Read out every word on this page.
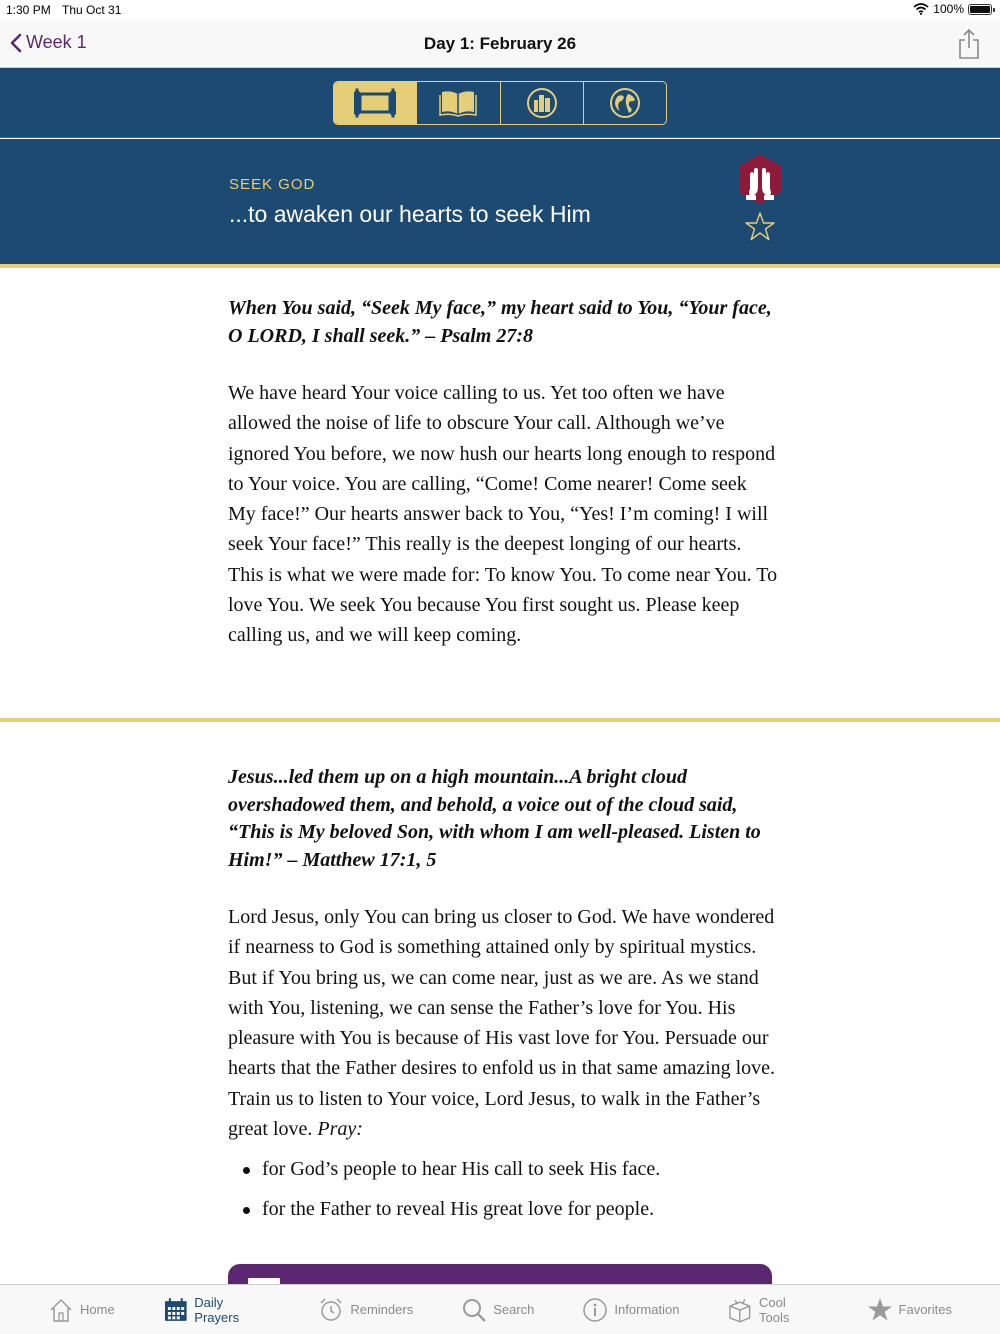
1:30 PM Thu Oct 31	100%
Week 1	Day 1: February 26
SEEK GOD
...to awaken our hearts to seek Him

When You said, “Seek My face,” my heart said to You, “Your face, O LORD, I shall seek.” – Psalm 27:8

We have heard Your voice calling to us. Yet too often we have allowed the noise of life to obscure Your call. Although we’ve ignored You before, we now hush our hearts long enough to respond to Your voice. You are calling, “Come! Come nearer! Come seek My face!” Our hearts answer back to You, “Yes! I’m coming! I will seek Your face!” This really is the deepest longing of our hearts. This is what we were made for: To know You. To come near You. To love You. We seek You because You first sought us. Please keep calling us, and we will keep coming.

Jesus...led them up on a high mountain...A bright cloud overshadowed them, and behold, a voice out of the cloud said, “This is My beloved Son, with whom I am well-pleased. Listen to Him!” – Matthew 17:1, 5

Lord Jesus, only You can bring us closer to God. We have wondered if nearness to God is something attained only by spiritual mystics. But if You bring us, we can come near, just as we are. As we stand with You, listening, we can sense the Father’s love for You. His pleasure with You is because of His vast love for You. Persuade our hearts that the Father desires to enfold us in that same amazing love. Train us to listen to Your voice, Lord Jesus, to walk in the Father’s great love. Pray:

for God’s people to hear His call to seek His face.
for the Father to reveal His great love for people.
Home	Daily Prayers	Reminders	Search	Information	Cool Tools	Favorites
